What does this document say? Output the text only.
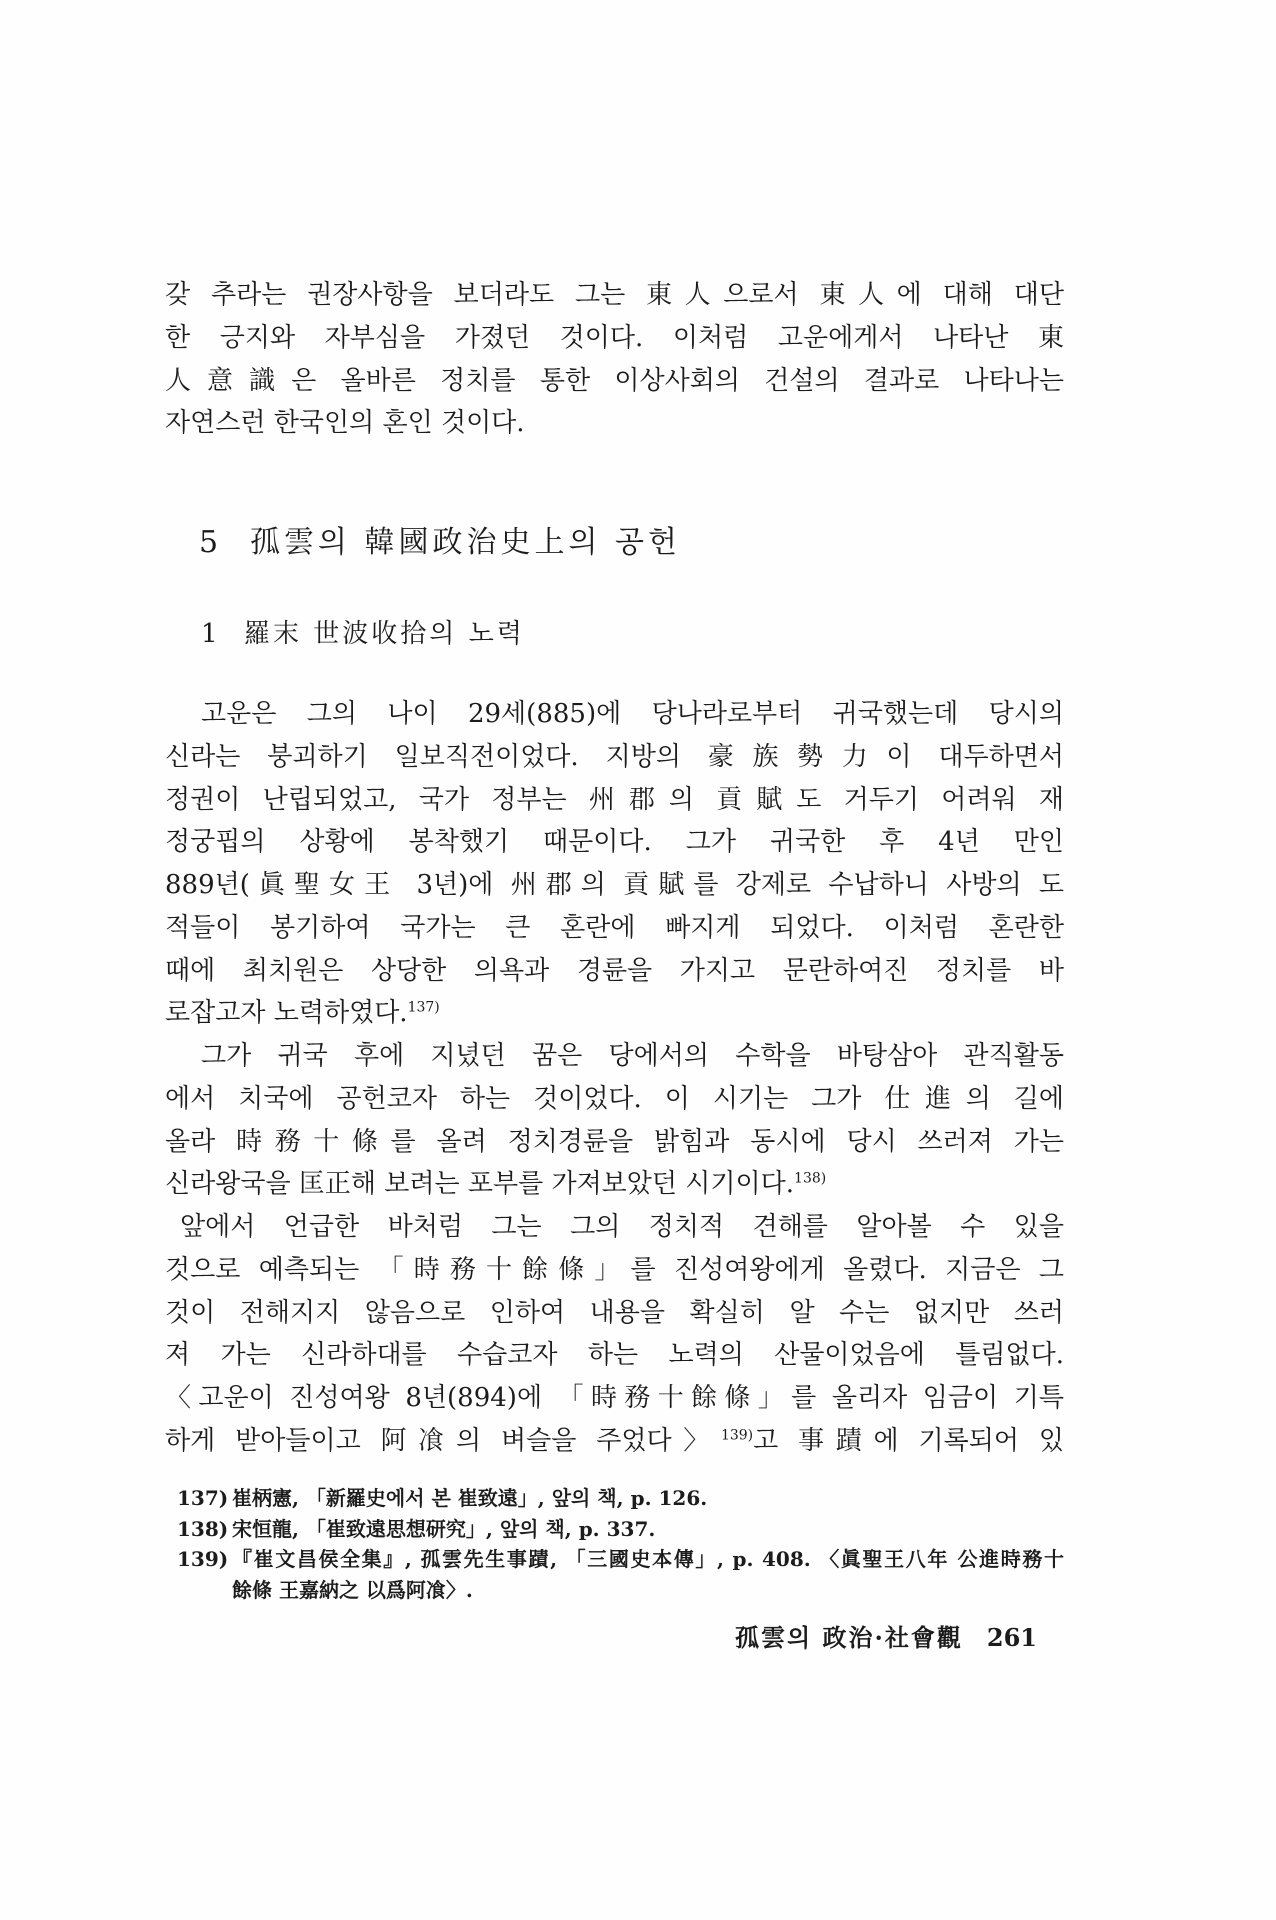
갖 추라는 권장사항을 보더라도 그는 東人으로서 東人에 대해 대단
한 긍지와 자부심을 가졌던 것이다. 이처럼 고운에게서 나타난 東
人意識은 올바른 정치를 통한 이상사회의 건설의 결과로 나타나는
자연스런 한국인의 혼인 것이다.
5 孤雲의 韓國政治史上의 공헌
1 羅末 世波收拾의 노력
고운은 그의 나이 29세(885)에 당나라로부터 귀국했는데 당시의
신라는 붕괴하기 일보직전이었다. 지방의 豪族勢力이 대두하면서
정권이 난립되었고, 국가 정부는 州郡의 貢賦도 거두기 어려워 재
정궁핍의 상황에 봉착했기 때문이다. 그가 귀국한 후 4년 만인
889년(眞聖女王 3년)에 州郡의 貢賦를 강제로 수납하니 사방의 도
적들이 봉기하여 국가는 큰 혼란에 빠지게 되었다. 이처럼 혼란한
때에 최치원은 상당한 의욕과 경륜을 가지고 문란하여진 정치를 바
로잡고자 노력하였다.$^{137)}$
그가 귀국 후에 지녔던 꿈은 당에서의 수학을 바탕삼아 관직활동
에서 치국에 공헌코자 하는 것이었다. 이 시기는 그가 仕進의 길에
올라 時務十條를 올려 정치경륜을 밝힘과 동시에 당시 쓰러져 가는
신라왕국을 匡正해 보려는 포부를 가져보았던 시기이다.$^{138)}$
앞에서 언급한 바처럼 그는 그의 정치적 견해를 알아볼 수 있을
것으로 예측되는 「時務十餘條」를 진성여왕에게 올렸다. 지금은 그
것이 전해지지 않음으로 인하여 내용을 확실히 알 수는 없지만 쓰러
져 가는 신라하대를 수습코자 하는 노력의 산물이었음에 틀림없다.
〈고운이 진성여왕 8년(894)에 「時務十餘條」를 올리자 임금이 기특
하게 받아들이고 阿飡의 벼슬을 주었다〉$^{139)}$고 事蹟에 기록되어 있
137) 崔柄憲, 「新羅史에서 본 崔致遠」, 앞의 책, p. 126.
138) 宋恒龍, 「崔致遠思想研究」, 앞의 책, p. 337.
139) 『崔文昌侯全集』, 孤雲先生事蹟, 「三國史本傳」, p. 408. 〈眞聖王八年 公進時務十
餘條 王嘉納之 以爲阿飡〉.
孤雲의 政治·社會觀 261
